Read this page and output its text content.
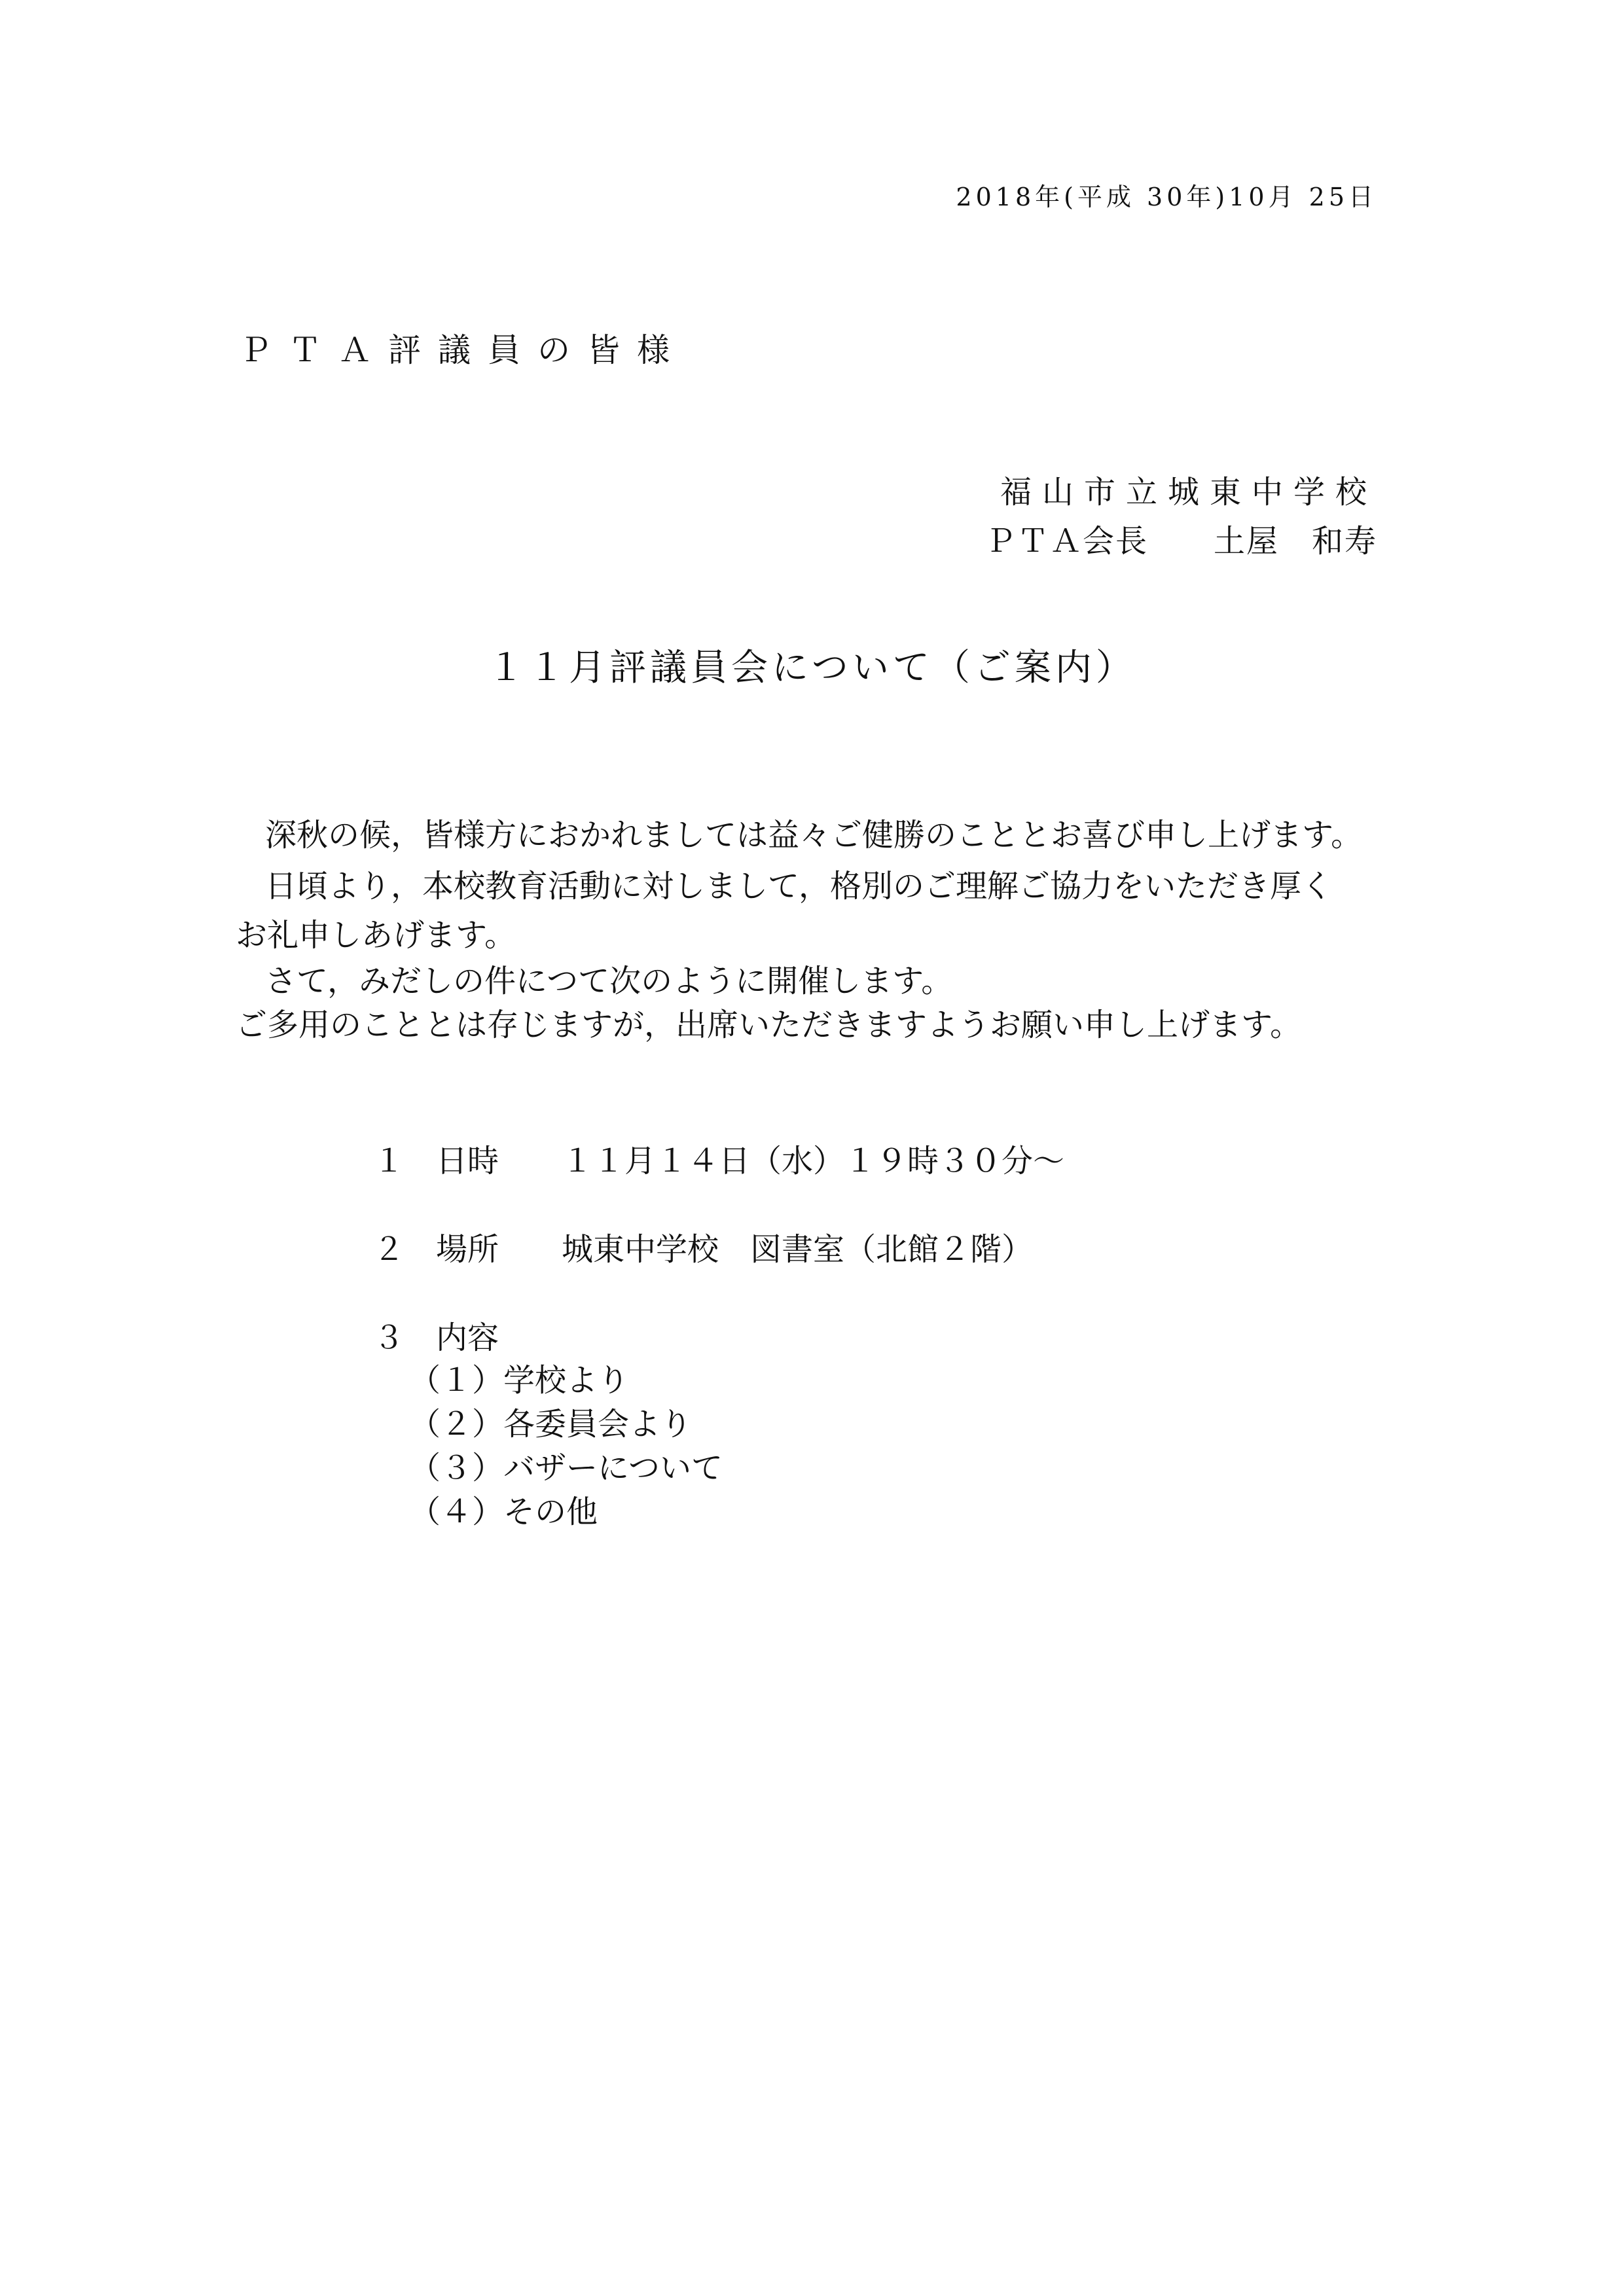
2018年(平成 30年)10月 25日
ＰＴＡ評議員の皆様
福山市立城東中学校
ＰＴＡ会長　　土屋　和寿
１１月評議員会について（ご案内）
深秋の候，皆様方におかれましては益々ご健勝のこととお喜び申し上げます。
日頃より，本校教育活動に対しまして，格別のご理解ご協力をいただき厚く
お礼申しあげます。
さて，みだしの件につて次のように開催します。
ご多用のこととは存じますが，出席いただきますようお願い申し上げます。
１　日時　　１１月１４日（水）１９時３０分～
２　場所　　城東中学校　図書室（北館２階）
３　内容
（１）学校より
（２）各委員会より
（３）バザーについて
（４）その他
